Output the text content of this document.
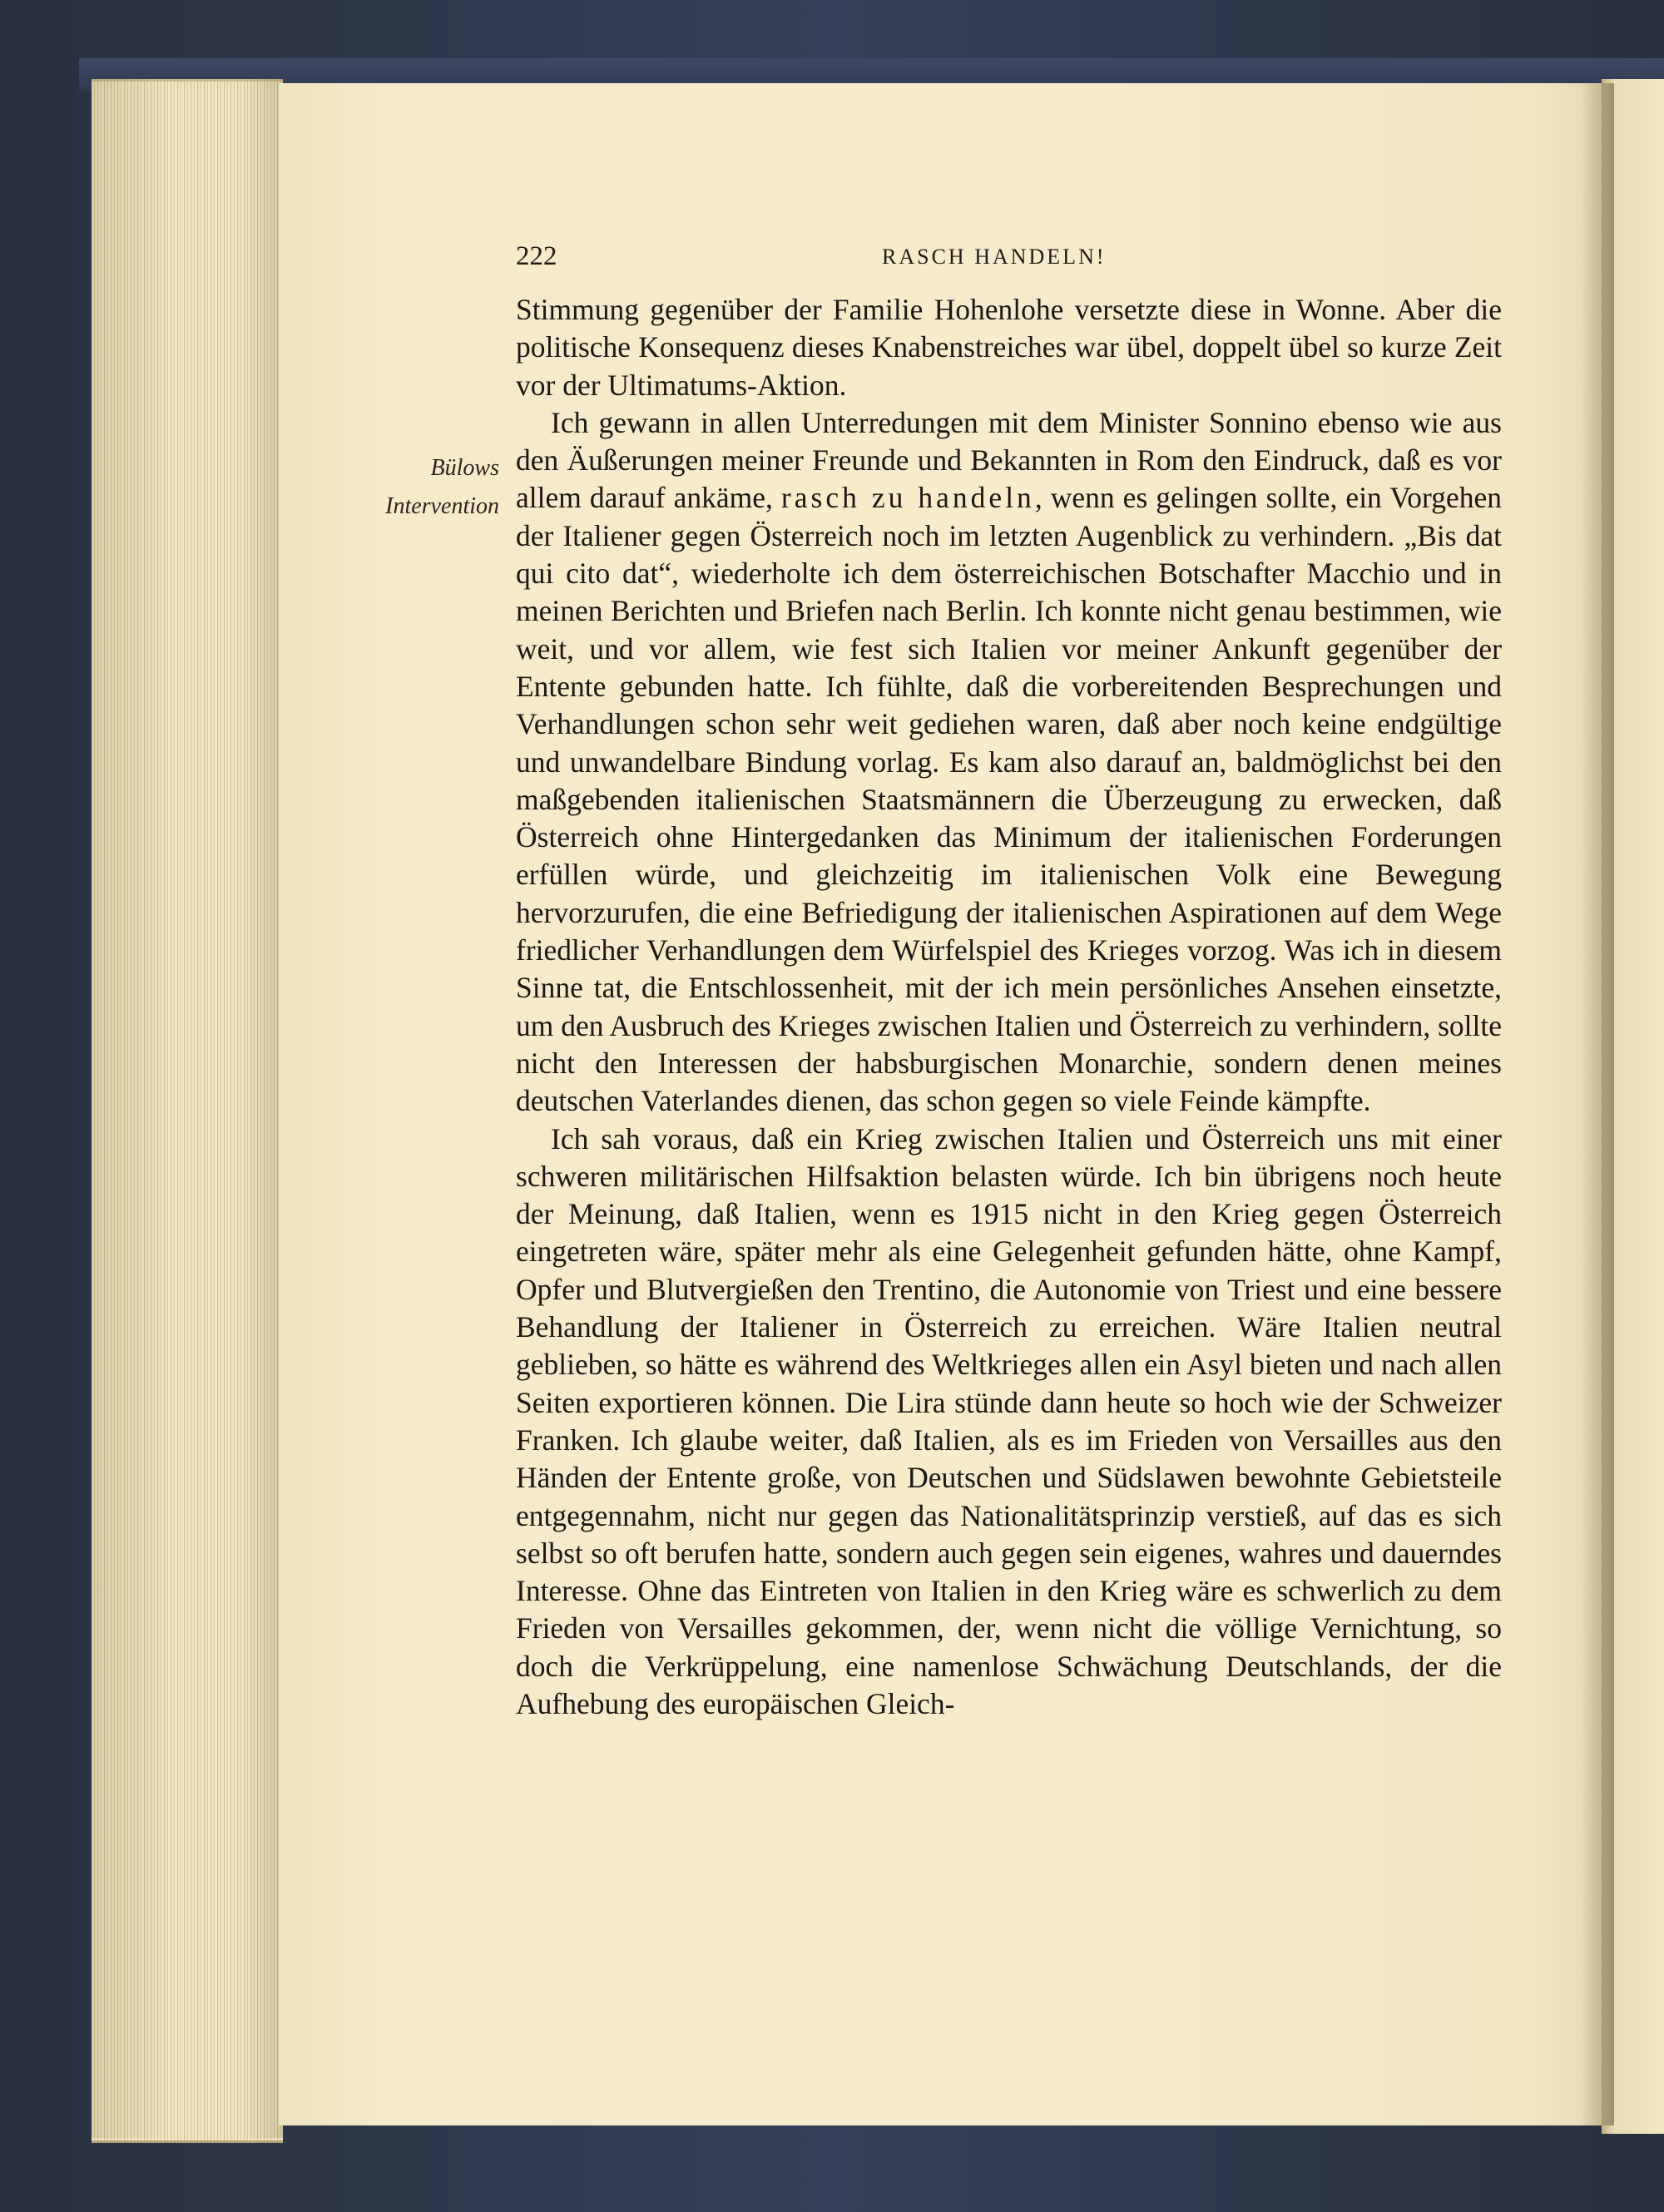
222	RASCH HANDELN!
Bülows
Intervention

Stimmung gegenüber der Familie Hohenlohe versetzte diese in Wonne. Aber die politische Konsequenz dieses Knabenstreiches war übel, doppelt übel so kurze Zeit vor der Ultimatums-Aktion.

Ich gewann in allen Unterredungen mit dem Minister Sonnino ebenso wie aus den Äußerungen meiner Freunde und Bekannten in Rom den Eindruck, daß es vor allem darauf ankäme, rasch zu handeln, wenn es gelingen sollte, ein Vorgehen der Italiener gegen Österreich noch im letzten Augenblick zu verhindern. „Bis dat qui cito dat“, wiederholte ich dem österreichischen Botschafter Macchio und in meinen Berichten und Briefen nach Berlin. Ich konnte nicht genau bestimmen, wie weit, und vor allem, wie fest sich Italien vor meiner Ankunft gegenüber der Entente gebunden hatte. Ich fühlte, daß die vorbereitenden Besprechungen und Verhandlungen schon sehr weit gediehen waren, daß aber noch keine endgültige und unwandelbare Bindung vorlag. Es kam also darauf an, baldmöglichst bei den maßgebenden italienischen Staatsmännern die Überzeugung zu erwecken, daß Österreich ohne Hintergedanken das Minimum der italienischen Forderungen erfüllen würde, und gleichzeitig im italienischen Volk eine Bewegung hervorzurufen, die eine Befriedigung der italienischen Aspirationen auf dem Wege friedlicher Verhandlungen dem Würfelspiel des Krieges vorzog. Was ich in diesem Sinne tat, die Entschlossenheit, mit der ich mein persönliches Ansehen einsetzte, um den Ausbruch des Krieges zwischen Italien und Österreich zu verhindern, sollte nicht den Interessen der habsburgischen Monarchie, sondern denen meines deutschen Vaterlandes dienen, das schon gegen so viele Feinde kämpfte.

Ich sah voraus, daß ein Krieg zwischen Italien und Österreich uns mit einer schweren militärischen Hilfsaktion belasten würde. Ich bin übrigens noch heute der Meinung, daß Italien, wenn es 1915 nicht in den Krieg gegen Österreich eingetreten wäre, später mehr als eine Gelegenheit gefunden hätte, ohne Kampf, Opfer und Blutvergießen den Trentino, die Autonomie von Triest und eine bessere Behandlung der Italiener in Österreich zu erreichen. Wäre Italien neutral geblieben, so hätte es während des Weltkrieges allen ein Asyl bieten und nach allen Seiten exportieren können. Die Lira stünde dann heute so hoch wie der Schweizer Franken. Ich glaube weiter, daß Italien, als es im Frieden von Versailles aus den Händen der Entente große, von Deutschen und Südslawen bewohnte Gebietsteile entgegennahm, nicht nur gegen das Nationalitätsprinzip verstieß, auf das es sich selbst so oft berufen hatte, sondern auch gegen sein eigenes, wahres und dauerndes Interesse. Ohne das Eintreten von Italien in den Krieg wäre es schwerlich zu dem Frieden von Versailles gekommen, der, wenn nicht die völlige Vernichtung, so doch die Verkrüppelung, eine namenlose Schwächung Deutschlands, der die Aufhebung des europäischen Gleich-
